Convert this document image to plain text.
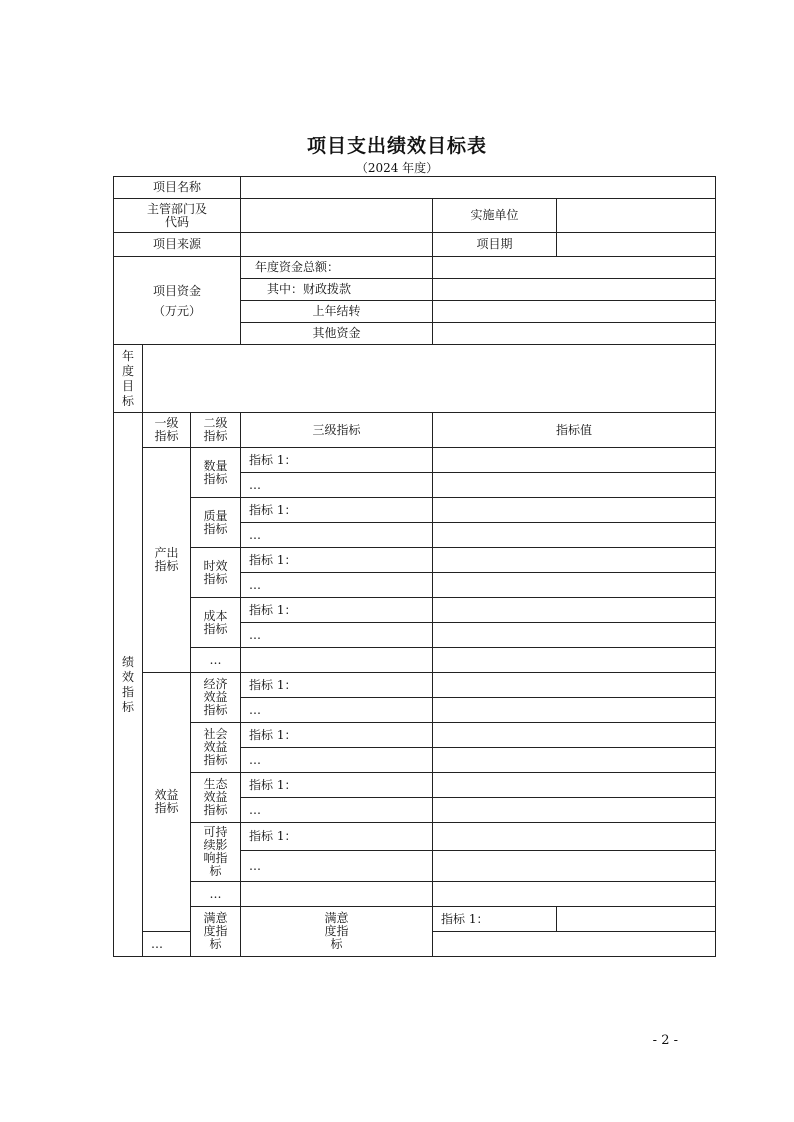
项目支出绩效目标表
（2024 年度）
项目名称					
主管部门及代码				实施单位	
项目来源				项目期	
项目资金（万元）			年度资金总额：		
			其中：财政拨款		
			上年结转		
			其他资金		
年度目标					
绩效指标	一级指标	二级指标	三级指标	指标值	
	产出指标	数量指标	指标 1：		
			…		
		质量指标	指标 1：		
			…		
		时效指标	指标 1：		
			…		
		成本指标	指标 1：		
			…		
		…			
	效益指标	经济效益指标	指标 1：		
			…		
		社会效益指标	指标 1：		
			…		
		生态效益指标	指标 1：		
			…		
		可持续影响指标	指标 1：		
			…		
		…			
		满意度指标	满意度指标	指标 1：	
	…				
- 2 -
